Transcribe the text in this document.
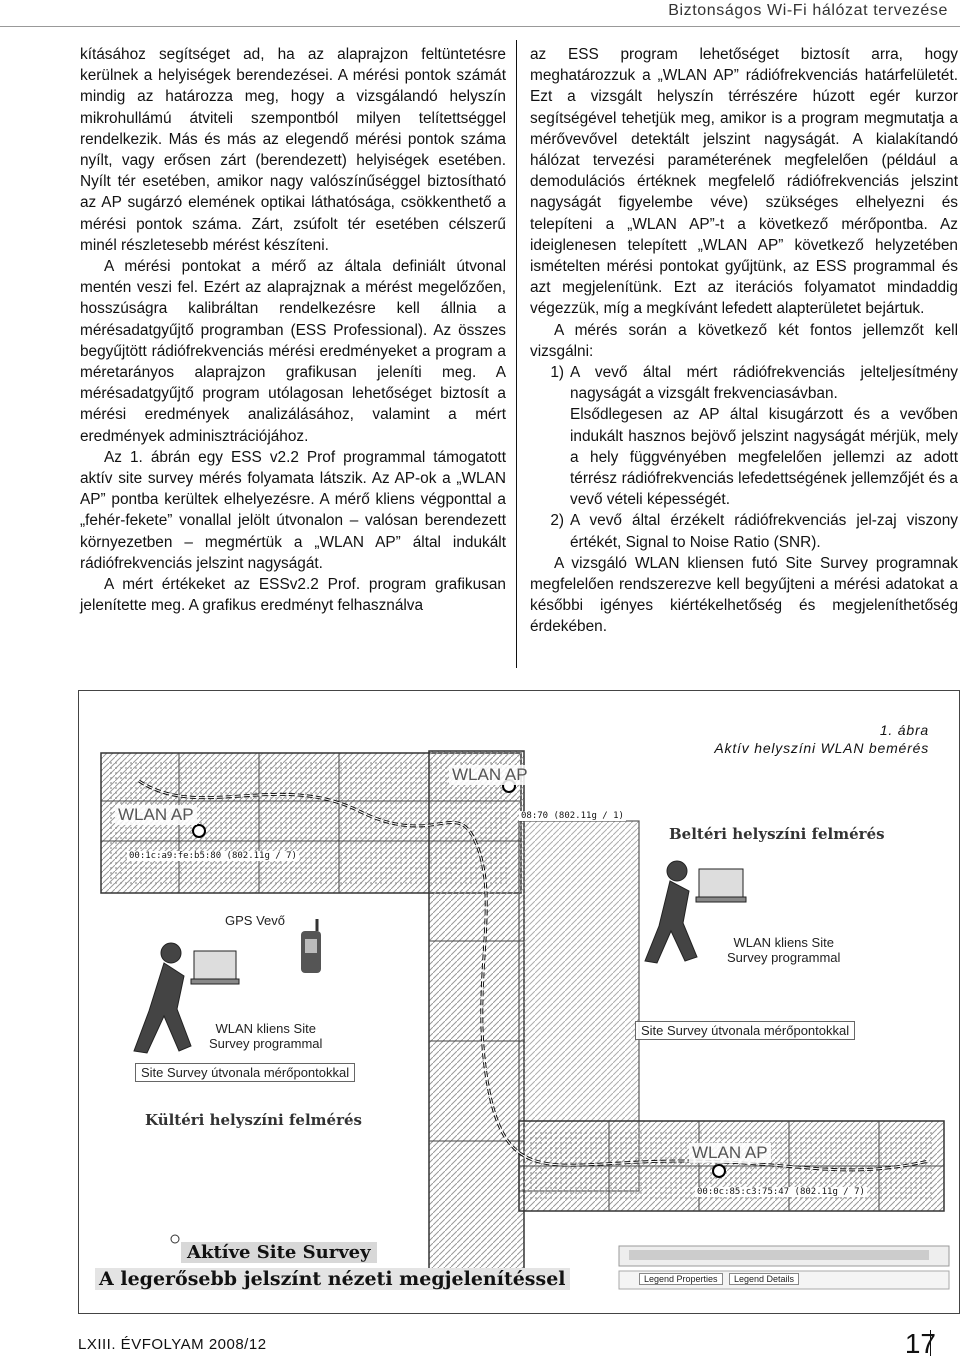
Biztonságos Wi-Fi hálózat tervezése

kításához segítséget ad, ha az alaprajzon feltüntetésre kerülnek a helyiségek berendezései. A mérési pontok számát mindig az határozza meg, hogy a vizsgálandó helyszín mikrohullámú átviteli szempontból milyen telítettséggel rendelkezik. Más és más az elegendő mérési pontok száma nyílt, vagy erősen zárt (berendezett) helyiségek esetében. Nyílt tér esetében, amikor nagy valószínűséggel biztosítható az AP sugárzó elemének optikai láthatósága, csökkenthető a mérési pontok száma. Zárt, zsúfolt tér esetében célszerű minél részletesebb mérést készíteni.

A mérési pontokat a mérő az általa definiált útvonal mentén veszi fel. Ezért az alaprajznak a mérést megelőzően, hosszúságra kalibráltan rendelkezésre kell állnia a mérésadatgyűjtő programban (ESS Professional). Az összes begyűjtött rádiófrekvenciás mérési eredményeket a program a méretarányos alaprajzon grafikusan jeleníti meg. A mérésadatgyűjtő program utólagosan lehetőséget biztosít a mérési eredmények analizálásához, valamint a mért eredmények adminisztrációjához.

Az 1. ábrán egy ESS v2.2 Prof programmal támogatott aktív site survey mérés folyamata látszik. Az AP-ok a „WLAN AP” pontba kerültek elhelyezésre. A mérő kliens végponttal a „fehér-fekete” vonallal jelölt útvonalon – valósan berendezett környezetben – megmértük a „WLAN AP” által indukált rádiófrekvenciás jelszint nagyságát.

A mért értékeket az ESSv2.2 Prof. program grafikusan jelenítette meg. A grafikus eredményt felhasználva

az ESS program lehetőséget biztosít arra, hogy meghatározzuk a „WLAN AP” rádiófrekvenciás határfelületét. Ezt a vizsgált helyszín térrészére húzott egér kurzor segítségével tehetjük meg, amikor is a program megmutatja a mérővevővel detektált jelszint nagyságát. A kialakítandó hálózat tervezési paraméterének megfelelően (például a demodulációs értéknek megfelelő rádiófrekvenciás jelszint nagyságát figyelembe véve) szükséges elhelyezni és telepíteni a „WLAN AP”-t a következő mérőpontba. Az ideiglenesen telepített „WLAN AP” következő helyzetében ismételten mérési pontokat gyűjtünk, az ESS programmal és azt megjelenítünk. Ezt az iterációs folyamatot mindaddig végezzük, míg a megkívánt lefedett alapterületet bejártuk.

A mérés során a következő két fontos jellemzőt kell vizsgálni:

1) A vevő által mért rádiófrekvenciás jelteljesítmény nagyságát a vizsgált frekvenciasávban.

Elsődlegesen az AP által kisugárzott és a vevőben indukált hasznos bejövő jelszint nagyságát mérjük, mely a hely függvényében megfelelően jellemzi az adott térrész rádiófrekvenciás lefedettségének jellemzőjét és a vevő vételi képességét.

2) A vevő által érzékelt rádiófrekvenciás jel-zaj viszony értékét, Signal to Noise Ratio (SNR).

A vizsgáló WLAN kliensen futó Site Survey programnak megfelelően rendszerezve kell begyűjteni a mérési adatokat a későbbi igényes kiértékelhetőség és megjeleníthetőség érdekében.

1. ábra
Aktív helyszíni WLAN bemérés
WLAN AP
WLAN AP
WLAN AP
00:1c:a9:fe:b5:80 (802.11g / 7)
08:70 (802.11g / 1)
00:0c:85:c3:75:47 (802.11g / 7)
Beltéri helyszíni felmérés
Kültéri helyszíni felmérés
GPS Vevő
WLAN kliens Site
Survey programmal
WLAN kliens Site
Survey programmal
Site Survey útvonala mérőpontokkal
Site Survey útvonala mérőpontokkal
Aktíve Site Survey
A legerősebb jelszínt nézeti megjelenítéssel	Legend Properties	Legend Details
LXIII. ÉVFOLYAM 2008/12	17
